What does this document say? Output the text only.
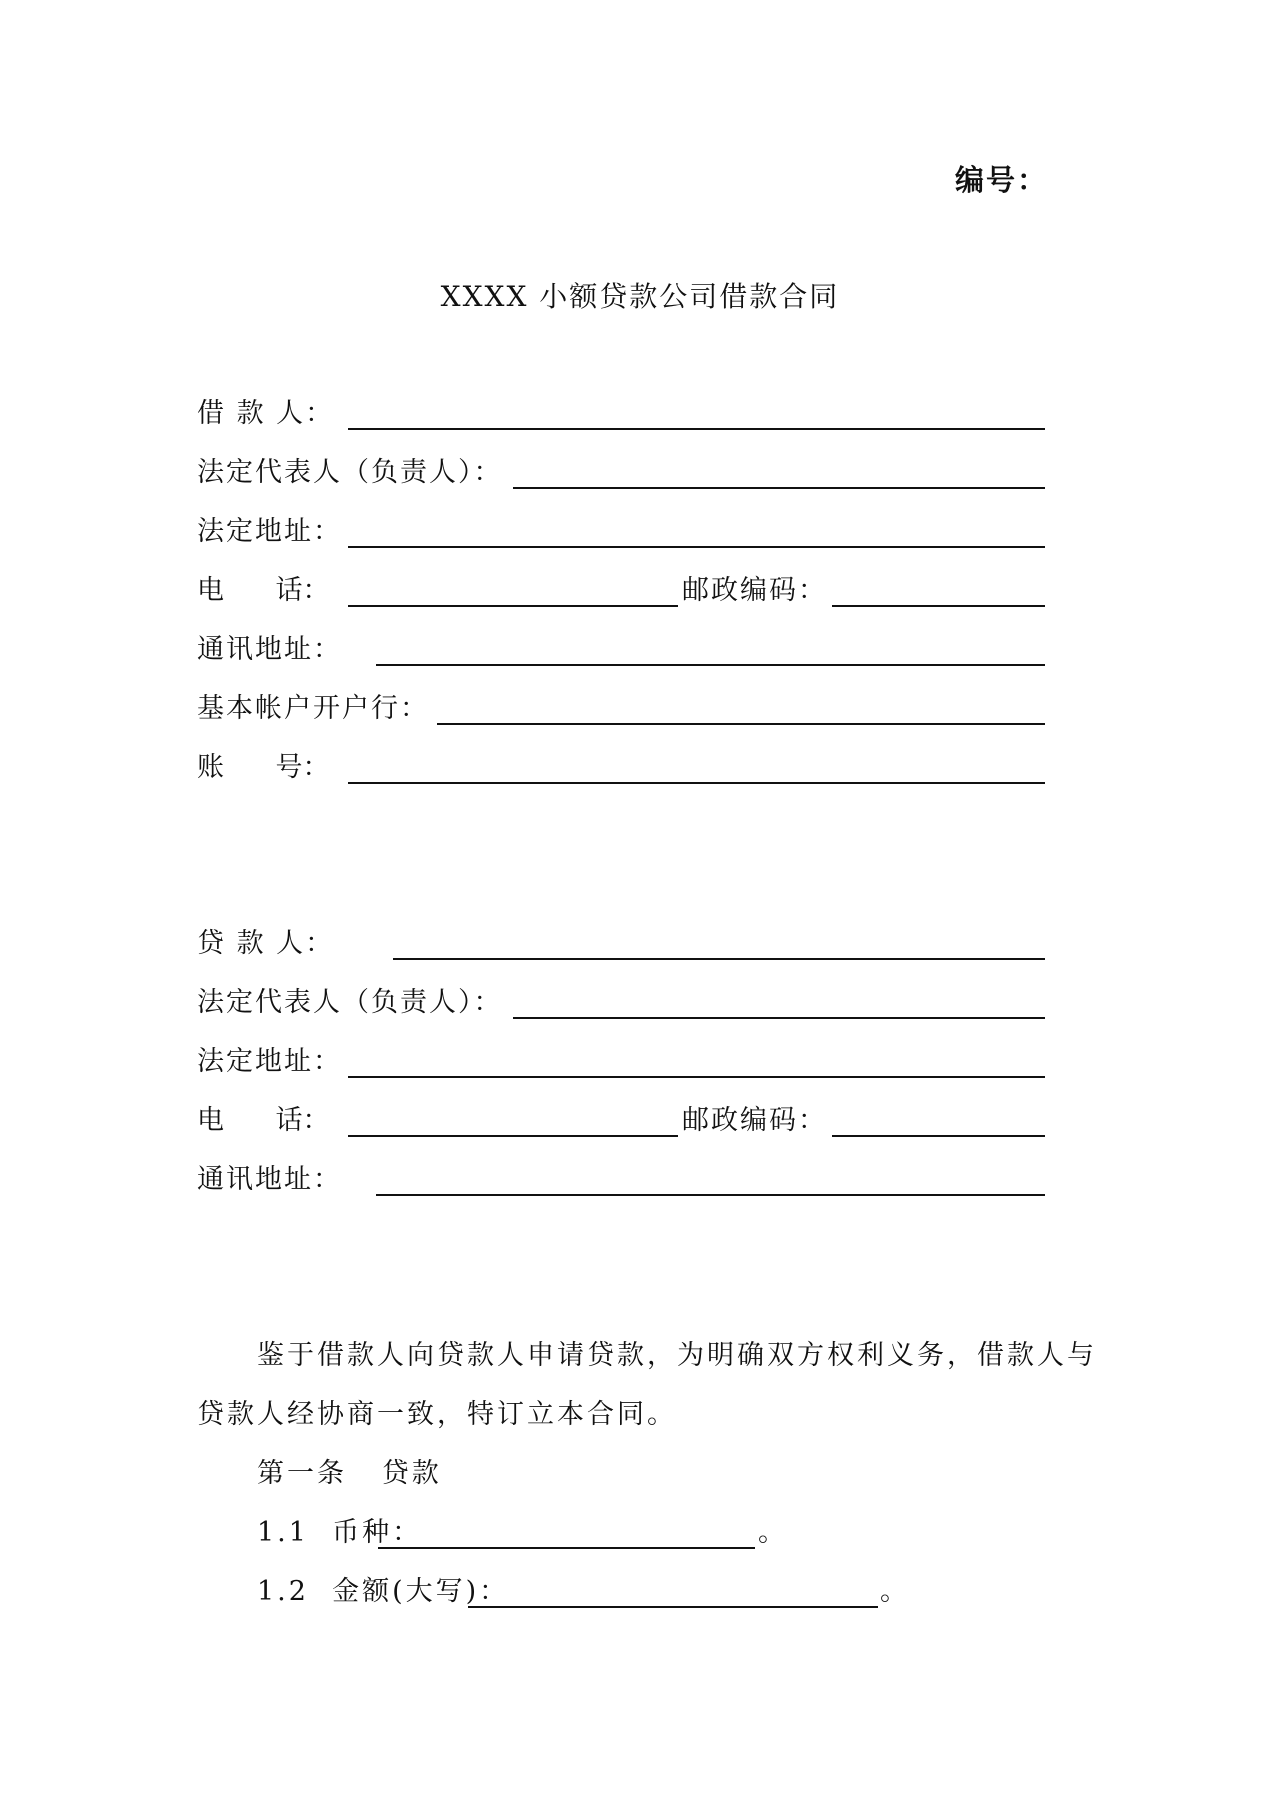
编号：
XXXX 小额贷款公司借款合同
借 款 人：
法定代表人（负责人）：
法定地址：
电      话：	邮政编码：
通讯地址：
基本帐户开户行：
账      号：
贷 款 人：
法定代表人（负责人）：
法定地址：
电      话：	邮政编码：
通讯地址：
鉴于借款人向贷款人申请贷款，为明确双方权利义务，借款人与
贷款人经协商一致，特订立本合同。
第一条   贷款
1.1  币种：	。
1.2  金额(大写)：	。
